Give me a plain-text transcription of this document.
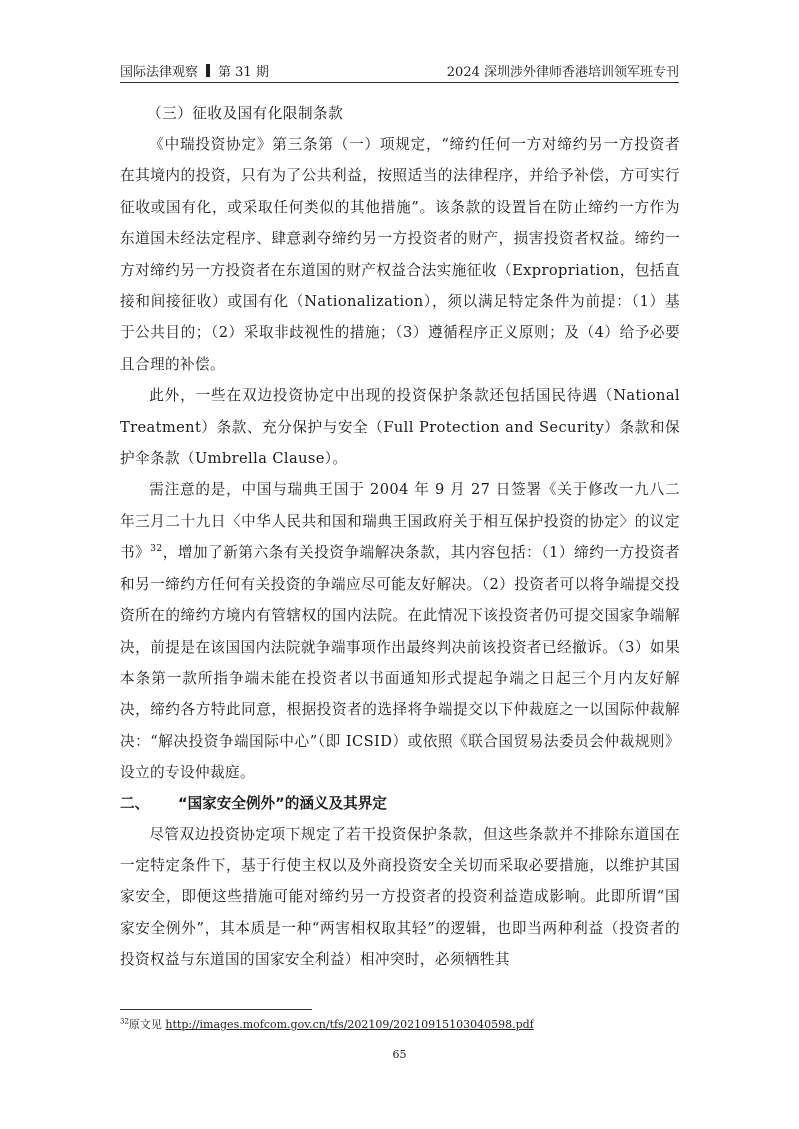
国际法律观察 第 31 期	2024 深圳涉外律师香港培训领军班专刊

（三）征收及国有化限制条款

《中瑞投资协定》第三条第（一）项规定，“缔约任何一方对缔约另一方投资者在其境内的投资，只有为了公共利益，按照适当的法律程序，并给予补偿，方可实行征收或国有化，或采取任何类似的其他措施”。该条款的设置旨在防止缔约一方作为东道国未经法定程序、肆意剥夺缔约另一方投资者的财产，损害投资者权益。缔约一方对缔约另一方投资者在东道国的财产权益合法实施征收（Expropriation，包括直接和间接征收）或国有化（Nationalization），须以满足特定条件为前提：（1）基于公共目的；（2）采取非歧视性的措施；（3）遵循程序正义原则；及（4）给予必要且合理的补偿。

此外，一些在双边投资协定中出现的投资保护条款还包括国民待遇（National Treatment）条款、充分保护与安全（Full Protection and Security）条款和保护伞条款（Umbrella Clause）。

需注意的是，中国与瑞典王国于 2004 年 9 月 27 日签署《关于修改一九八二年三月二十九日〈中华人民共和国和瑞典王国政府关于相互保护投资的协定〉的议定书》$^{32}$，增加了新第六条有关投资争端解决条款，其内容包括：（1）缔约一方投资者和另一缔约方任何有关投资的争端应尽可能友好解决。（2）投资者可以将争端提交投资所在的缔约方境内有管辖权的国内法院。在此情况下该投资者仍可提交国家争端解决，前提是在该国国内法院就争端事项作出最终判决前该投资者已经撤诉。（3）如果本条第一款所指争端未能在投资者以书面通知形式提起争端之日起三个月内友好解决，缔约各方特此同意，根据投资者的选择将争端提交以下仲裁庭之一以国际仲裁解决：“解决投资争端国际中心”（即 ICSID）或依照《联合国贸易法委员会仲裁规则》设立的专设仲裁庭。

二、	“国家安全例外”的涵义及其界定

尽管双边投资协定项下规定了若干投资保护条款，但这些条款并不排除东道国在一定特定条件下，基于行使主权以及外商投资安全关切而采取必要措施，以维护其国家安全，即便这些措施可能对缔约另一方投资者的投资利益造成影响。此即所谓“国家安全例外”，其本质是一种“两害相权取其轻”的逻辑，也即当两种利益（投资者的投资权益与东道国的国家安全利益）相冲突时，必须牺牲其

$^{32}$原文见 http://images.mofcom.gov.cn/tfs/202109/20210915103040598.pdf
65
